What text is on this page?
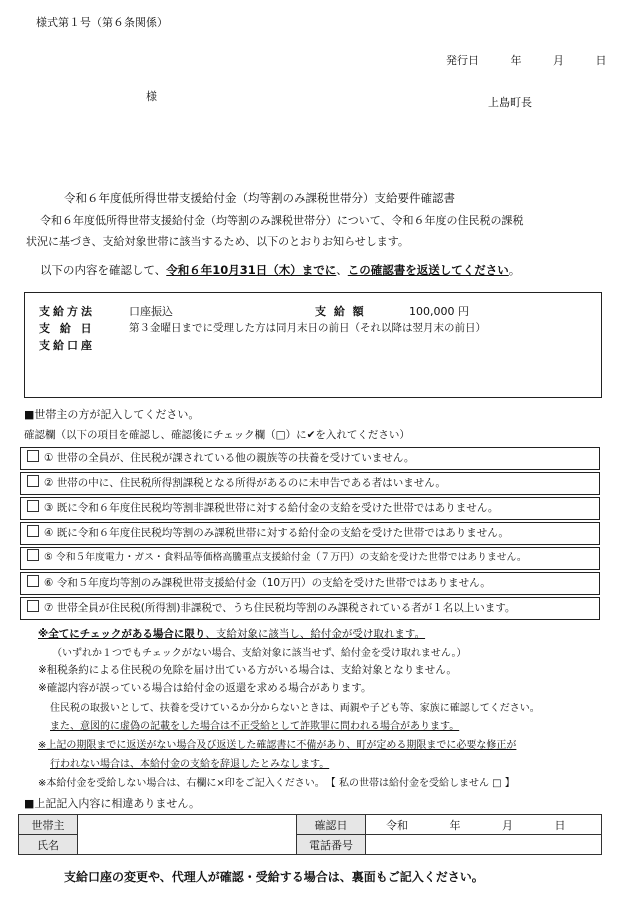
様式第１号（第６条関係）
発行日	年	月	日
様	上島町長
令和６年度低所得世帯支援給付金（均等割のみ課税世帯分）支給要件確認書
令和６年度低所得世帯支援給付金（均等割のみ課税世帯分）について、令和６年度の住民税の課税
状況に基づき、支給対象世帯に該当するため、以下のとおりお知らせします。
以下の内容を確認して、令和６年10月31日（木）までに、この確認書を返送してください。
支給方法	口座振込	支 給 額	100,000 円
支 給 日	第３金曜日までに受理した方は同月末日の前日（それ以降は翌月末の前日）
支給口座
■世帯主の方が記入してください。
確認欄（以下の項目を確認し、確認後にチェック欄（□）に✔を入れてください）
① 世帯の全員が、住民税が課されている他の親族等の扶養を受けていません。
② 世帯の中に、住民税所得割課税となる所得があるのに未申告である者はいません。
③ 既に令和６年度住民税均等割非課税世帯に対する給付金の支給を受けた世帯ではありません。
④ 既に令和６年度住民税均等割のみ課税世帯に対する給付金の支給を受けた世帯ではありません。
⑤ 令和５年度電力・ガス・食料品等価格高騰重点支援給付金（７万円）の支給を受けた世帯ではありません。
⑥ 令和５年度均等割のみ課税世帯支援給付金（10万円）の支給を受けた世帯ではありません。
⑦ 世帯全員が住民税(所得割)非課税で、うち住民税均等割のみ課税されている者が１名以上います。
※全てにチェックがある場合に限り、支給対象に該当し、給付金が受け取れます。
（いずれか１つでもチェックがない場合、支給対象に該当せず、給付金を受け取れません。）
※租税条約による住民税の免除を届け出ている方がいる場合は、支給対象となりません。
※確認内容が誤っている場合は給付金の返還を求める場合があります。
住民税の取扱いとして、扶養を受けているか分からないときは、両親や子ども等、家族に確認してください。
また、意図的に虚偽の記載をした場合は不正受給として詐欺罪に問われる場合があります。
※上記の期限までに返送がない場合及び返送した確認書に不備があり、町が定める期限までに必要な修正が
行われない場合は、本給付金の支給を辞退したとみなします。
※本給付金を受給しない場合は、右欄に×印をご記入ください。 【 私の世帯は給付金を受給しません □ 】
■上記記入内容に相違ありません。
世帯主		確認日	令和 年 月 日
氏名		電話番号	
支給口座の変更や、代理人が確認・受給する場合は、裏面もご記入ください。
